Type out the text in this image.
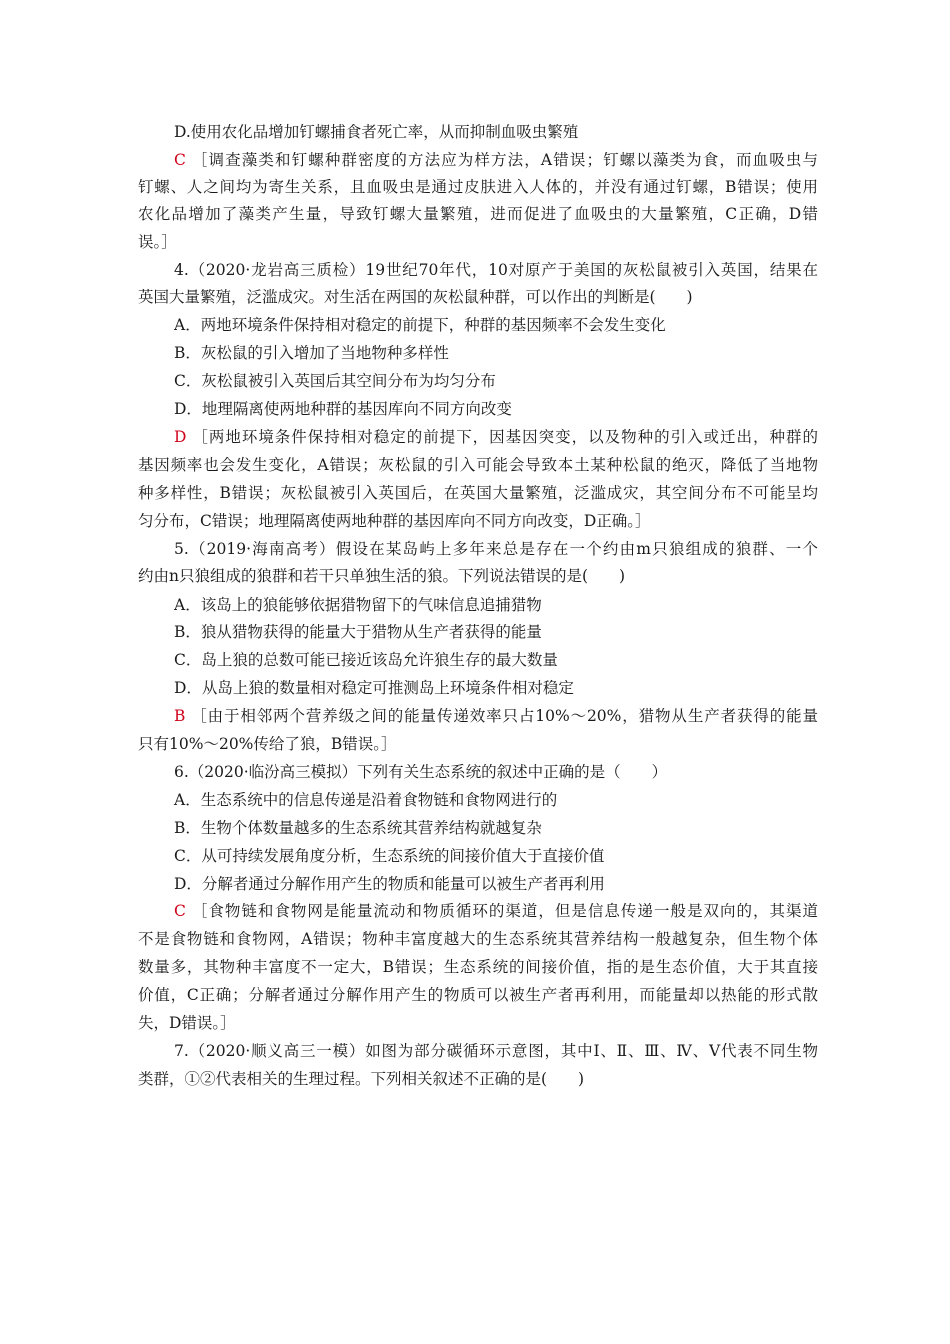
D.使用农化品增加钉螺捕食者死亡率，从而抑制血吸虫繁殖
C ［调查藻类和钉螺种群密度的方法应为样方法，A错误；钉螺以藻类为食，而血吸虫与
钉螺、人之间均为寄生关系，且血吸虫是通过皮肤进入人体的，并没有通过钉螺，B错误；使用
农化品增加了藻类产生量，导致钉螺大量繁殖，进而促进了血吸虫的大量繁殖，C正确，D错
误。］
4.（2020·龙岩高三质检）19世纪70年代，10对原产于美国的灰松鼠被引入英国，结果在
英国大量繁殖，泛滥成灾。对生活在两国的灰松鼠种群，可以作出的判断是(　　)
A．两地环境条件保持相对稳定的前提下，种群的基因频率不会发生变化
B．灰松鼠的引入增加了当地物种多样性
C．灰松鼠被引入英国后其空间分布为均匀分布
D．地理隔离使两地种群的基因库向不同方向改变
D ［两地环境条件保持相对稳定的前提下，因基因突变，以及物种的引入或迁出，种群的
基因频率也会发生变化，A错误；灰松鼠的引入可能会导致本土某种松鼠的绝灭，降低了当地物
种多样性，B错误；灰松鼠被引入英国后，在英国大量繁殖，泛滥成灾，其空间分布不可能呈均
匀分布，C错误；地理隔离使两地种群的基因库向不同方向改变，D正确。］
5.（2019·海南高考）假设在某岛屿上多年来总是存在一个约由m只狼组成的狼群、一个
约由n只狼组成的狼群和若干只单独生活的狼。下列说法错误的是(　　)
A．该岛上的狼能够依据猎物留下的气味信息追捕猎物
B．狼从猎物获得的能量大于猎物从生产者获得的能量
C．岛上狼的总数可能已接近该岛允许狼生存的最大数量
D．从岛上狼的数量相对稳定可推测岛上环境条件相对稳定
B ［由于相邻两个营养级之间的能量传递效率只占10%～20%，猎物从生产者获得的能量
只有10%～20%传给了狼，B错误。］
6.（2020·临汾高三模拟）下列有关生态系统的叙述中正确的是（　　）
A．生态系统中的信息传递是沿着食物链和食物网进行的
B．生物个体数量越多的生态系统其营养结构就越复杂
C．从可持续发展角度分析，生态系统的间接价值大于直接价值
D．分解者通过分解作用产生的物质和能量可以被生产者再利用
C ［食物链和食物网是能量流动和物质循环的渠道，但是信息传递一般是双向的，其渠道
不是食物链和食物网，A错误；物种丰富度越大的生态系统其营养结构一般越复杂，但生物个体
数量多，其物种丰富度不一定大，B错误；生态系统的间接价值，指的是生态价值，大于其直接
价值，C正确；分解者通过分解作用产生的物质可以被生产者再利用，而能量却以热能的形式散
失，D错误。］
7.（2020·顺义高三一模）如图为部分碳循环示意图，其中Ⅰ、Ⅱ、Ⅲ、Ⅳ、Ⅴ代表不同生物
类群，①②代表相关的生理过程。下列相关叙述不正确的是(　　)
